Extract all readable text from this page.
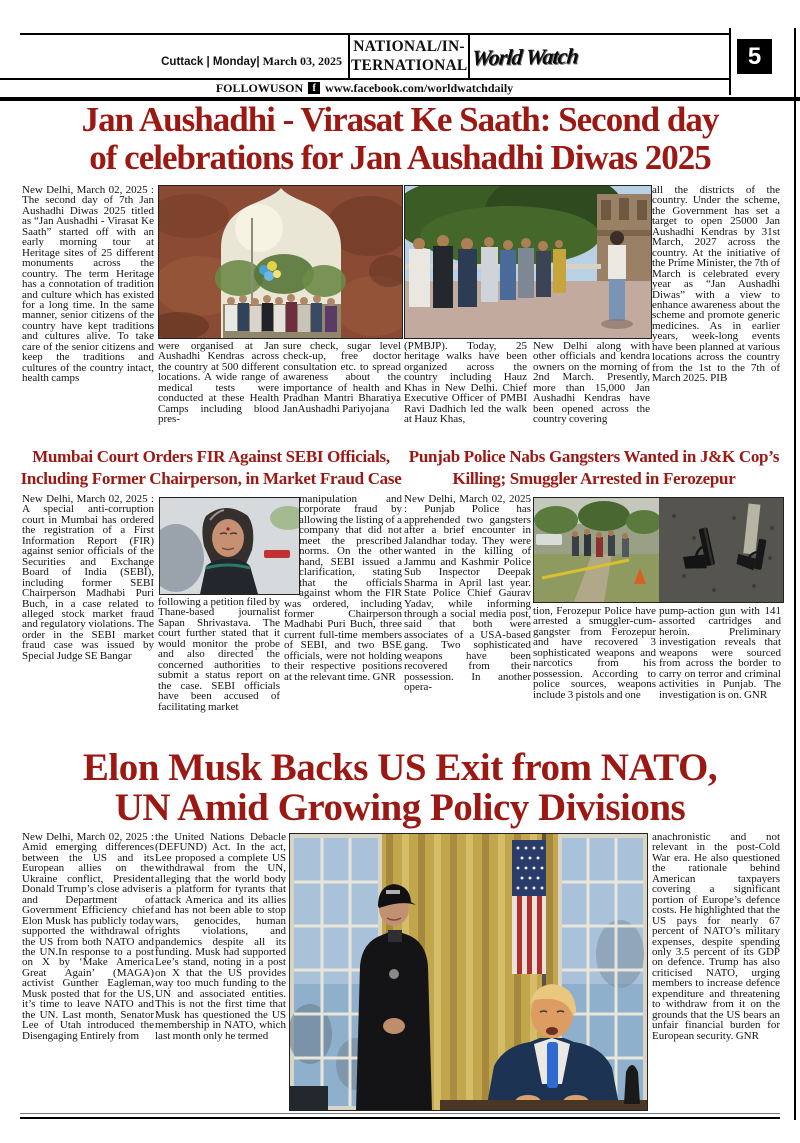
Cuttack | Monday| March 03, 2025
NATIONAL/IN-
TERNATIONAL World Watch	5
FOLLOWUSON f www.facebook.com/worldwatchdaily
Jan Aushadhi - Virasat Ke Saath: Second day
of celebrations for Jan Aushadhi Diwas 2025
New Delhi, March 02, 2025 : The second day of 7th Jan Aushadhi Diwas 2025 titled as “Jan Aushadhi - Virasat Ke Saath” started off with an early morning tour at Heritage sites of 25 different monuments across the country. The term Heritage has a connotation of tradition and culture which has existed for a long time. In the same manner, senior citizens of the country have kept traditions and cultures alive. To take care of the senior citizens and keep the traditions and cultures of the country intact, health camps
all the districts of the country. Under the scheme, the Government has set a target to open 25000 Jan Aushadhi Kendras by 31st March, 2027 across the country. At the initiative of the Prime Minister, the 7th of March is celebrated every year as “Jan Aushadhi Diwas” with a view to enhance awareness about the scheme and promote generic medicines. As in earlier years, week-long events have been planned at various locations across the country from the 1st to the 7th of March 2025. PIB
were organised at Jan Aushadhi Kendras across the country at 500 different locations. A wide range of medical tests were conducted at these Health Camps including blood pres-
sure check, sugar level check-up, free doctor consultation etc. to spread awareness about the importance of health and Pradhan Mantri Bharatiya JanAushadhi Pariyojana
(PMBJP). Today, 25 heritage walks have been organized across the country including Hauz Khas in New Delhi. Chief Executive Officer of PMBI Ravi Dadhich led the walk at Hauz Khas,
New Delhi along with other officials and kendra owners on the morning of 2nd March. Presently, more than 15,000 Jan Aushadhi Kendras have been opened across the country covering
Mumbai Court Orders FIR Against SEBI Officials,
Including Former Chairperson, in Market Fraud Case
New Delhi, March 02, 2025 : A special anti-corruption court in Mumbai has ordered the registration of a First Information Report (FIR) against senior officials of the Securities and Exchange Board of India (SEBI), including former SEBI Chairperson Madhabi Puri Buch, in a case related to alleged stock market fraud and regulatory violations. The order in the SEBI market fraud case was issued by Special Judge SE Bangar
following a petition filed by Thane-based journalist Sapan Shrivastava. The court further stated that it would monitor the probe and also directed the concerned authorities to submit a status report on the case. SEBI officials have been accused of facilitating market
manipulation and corporate fraud by allowing the listing of a company that did not meet the prescribed norms. On the other hand, SEBI issued a clarification, stating that the officials against whom the FIR was ordered, including former Chairperson Madhabi Puri Buch, three current full-time members of SEBI, and two BSE officials, were not holding their respective positions at the relevant time. GNR
Punjab Police Nabs Gangsters Wanted in J&K Cop’s
Killing; Smuggler Arrested in Ferozepur
New Delhi, March 02, 2025 : Punjab Police has apprehended two gangsters after a brief encounter in Jalandhar today. They were wanted in the killing of Jammu and Kashmir Police Sub Inspector Deepak Sharma in April last year. State Police Chief Gaurav Yadav, while informing through a social media post, said that both were associates of a USA-based gang. Two sophisticated weapons have been recovered from their possession. In another opera-
tion, Ferozepur Police have arrested a smuggler-cum-gangster from Ferozepur and have recovered 3 sophisticated weapons and narcotics from his possession. According to police sources, weapons include 3 pistols and one
pump-action gun with 141 assorted cartridges and heroin. Preliminary investigation reveals that weapons were sourced from across the border to carry on terror and criminal activities in Punjab. The investigation is on. GNR
Elon Musk Backs US Exit from NATO,
UN Amid Growing Policy Divisions
New Delhi, March 02, 2025 : Amid emerging differences between the US and its European allies on the Ukraine conflict, President Donald Trump’s close adviser and Department of Government Efficiency chief Elon Musk has publicly today supported the withdrawal of the US from both NATO and the UN.In response to a post on X by ‘Make America Great Again’ (MAGA) activist Gunther Eagleman, Musk posted that for the US, it’s time to leave NATO and the UN. Last month, Senator Lee of Utah introduced the Disengaging Entirely from
the United Nations Debacle (DEFUND) Act. In the act, Lee proposed a complete US withdrawal from the UN, alleging that the world body is a platform for tyrants that attack America and its allies and has not been able to stop wars, genocides, human rights violations, and pandemics despite all its funding. Musk had supported Lee’s stand, noting in a post on X that the US provides way too much funding to the UN and associated entities. This is not the first time that Musk has questioned the US membership in NATO, which last month only he termed
anachronistic and not relevant in the post-Cold War era. He also questioned the rationale behind American taxpayers covering a significant portion of Europe’s defence costs. He highlighted that the US pays for nearly 67 percent of NATO’s military expenses, despite spending only 3.5 percent of its GDP on defence. Trump has also criticised NATO, urging members to increase defence expenditure and threatening to withdraw from it on the grounds that the US bears an unfair financial burden for European security. GNR
